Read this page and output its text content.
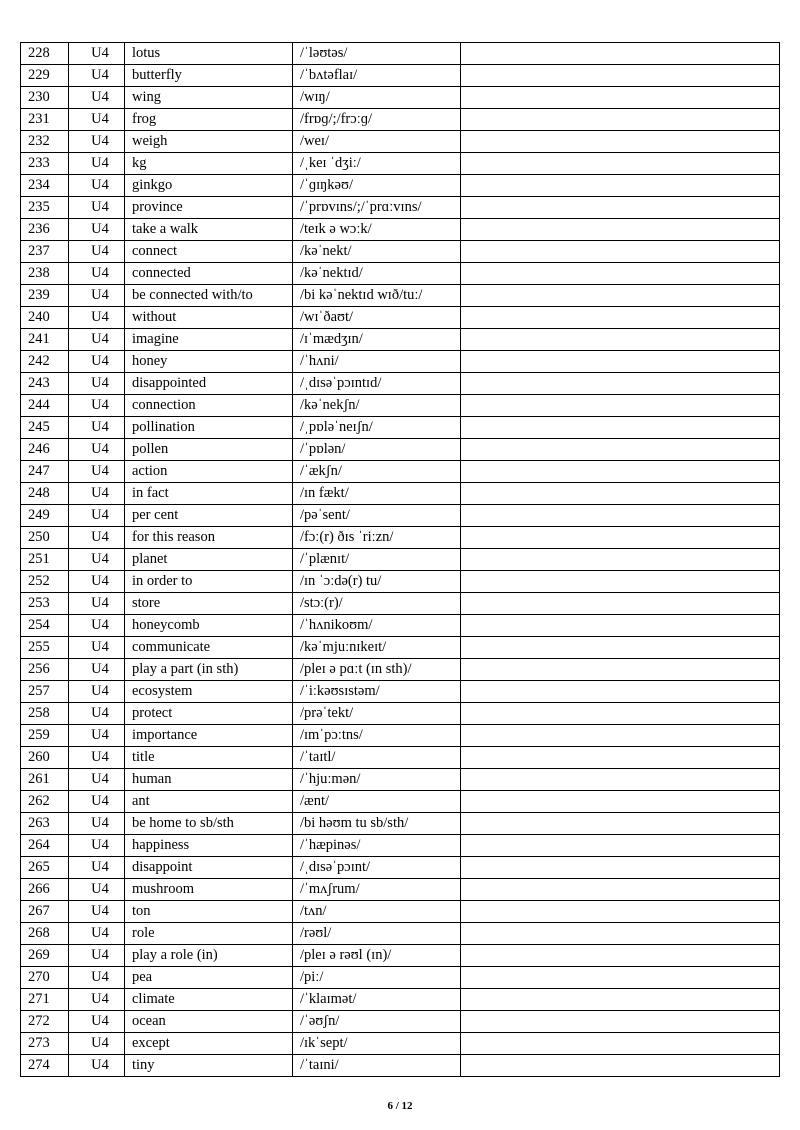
228	U4	lotus	/ˈləʊtəs/	
229	U4	butterfly	/ˈbʌtəflaɪ/	
230	U4	wing	/wɪŋ/	
231	U4	frog	/frɒɡ/;/frɔːɡ/	
232	U4	weigh	/weɪ/	
233	U4	kg	/ˌkeɪ ˈdʒiː/	
234	U4	ginkgo	/ˈɡɪŋkəʊ/	
235	U4	province	/ˈprɒvɪns/;/ˈprɑːvɪns/	
236	U4	take a walk	/teɪk ə wɔːk/	
237	U4	connect	/kəˈnekt/	
238	U4	connected	/kəˈnektɪd/	
239	U4	be connected with/to	/bi kəˈnektɪd wɪð/tuː/	
240	U4	without	/wɪˈðaʊt/	
241	U4	imagine	/ɪˈmædʒɪn/	
242	U4	honey	/ˈhʌni/	
243	U4	disappointed	/ˌdɪsəˈpɔɪntɪd/	
244	U4	connection	/kəˈnekʃn/	
245	U4	pollination	/ˌpɒləˈneɪʃn/	
246	U4	pollen	/ˈpɒlən/	
247	U4	action	/ˈækʃn/	
248	U4	in fact	/ɪn fækt/	
249	U4	per cent	/pəˈsent/	
250	U4	for this reason	/fɔː(r) ðɪs ˈriːzn/	
251	U4	planet	/ˈplænɪt/	
252	U4	in order to	/ɪn ˈɔːdə(r) tu/	
253	U4	store	/stɔː(r)/	
254	U4	honeycomb	/ˈhʌnikoʊm/	
255	U4	communicate	/kəˈmjuːnɪkeɪt/	
256	U4	play a part (in sth)	/pleɪ ə pɑːt (ɪn sth)/	
257	U4	ecosystem	/ˈiːkəʊsɪstəm/	
258	U4	protect	/prəˈtekt/	
259	U4	importance	/ɪmˈpɔːtns/	
260	U4	title	/ˈtaɪtl/	
261	U4	human	/ˈhjuːmən/	
262	U4	ant	/ænt/	
263	U4	be home to sb/sth	/bi həʊm tu sb/sth/	
264	U4	happiness	/ˈhæpinəs/	
265	U4	disappoint	/ˌdɪsəˈpɔɪnt/	
266	U4	mushroom	/ˈmʌʃrum/	
267	U4	ton	/tʌn/	
268	U4	role	/rəʊl/	
269	U4	play a role (in)	/pleɪ ə rəʊl (ɪn)/	
270	U4	pea	/piː/	
271	U4	climate	/ˈklaɪmət/	
272	U4	ocean	/ˈəʊʃn/	
273	U4	except	/ɪkˈsept/	
274	U4	tiny	/ˈtaɪni/	
6 / 12
